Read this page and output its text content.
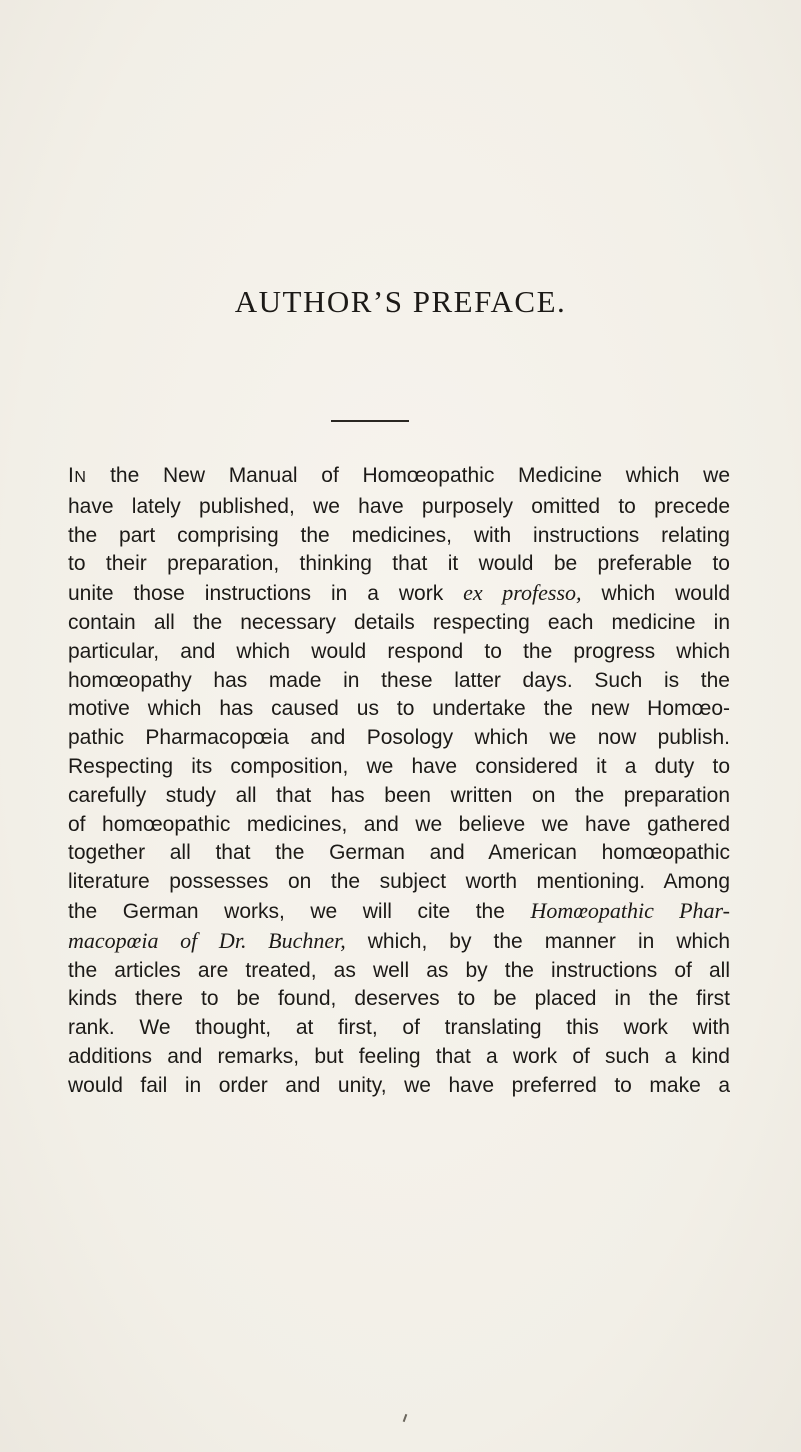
AUTHOR’S PREFACE.
IN the New Manual of Homœopathic Medicine which we
have lately published, we have purposely omitted to precede
the part comprising the medicines, with instructions relating
to their preparation, thinking that it would be preferable to
unite those instructions in a work ex professo, which would
contain all the necessary details respecting each medicine in
particular, and which would respond to the progress which
homœopathy has made in these latter days. Such is the
motive which has caused us to undertake the new Homœo-
pathic Pharmacopœia and Posology which we now publish.
Respecting its composition, we have considered it a duty to
carefully study all that has been written on the preparation
of homœopathic medicines, and we believe we have gathered
together all that the German and American homœopathic
literature possesses on the subject worth mentioning. Among
the German works, we will cite the Homœopathic Phar-
macopœia of Dr. Buchner, which, by the manner in which
the articles are treated, as well as by the instructions of all
kinds there to be found, deserves to be placed in the first
rank. We thought, at first, of translating this work with
additions and remarks, but feeling that a work of such a kind
would fail in order and unity, we have preferred to make a
